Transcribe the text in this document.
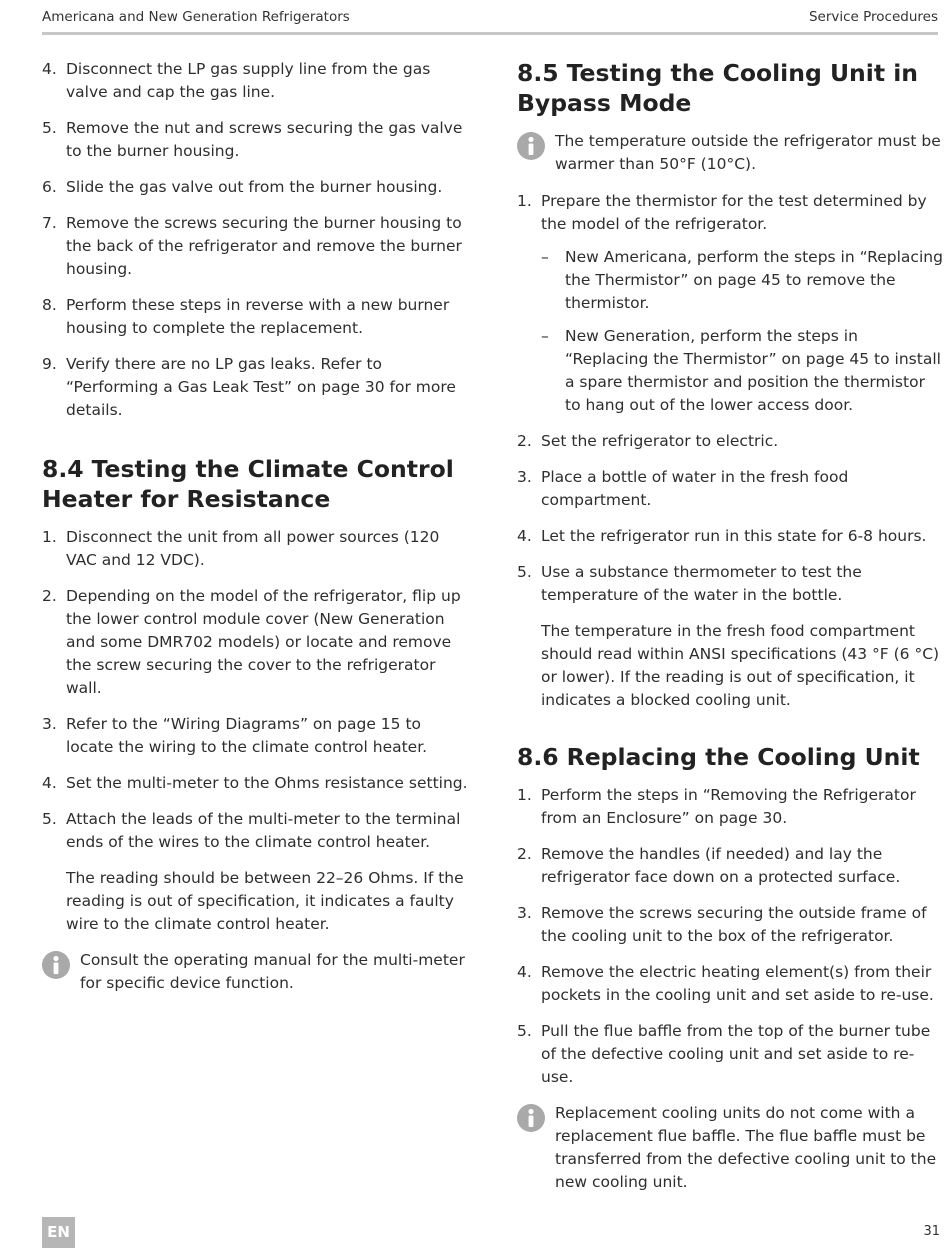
Americana and New Generation Refrigerators	Service Procedures
4. Disconnect the LP gas supply line from the gas valve and cap the gas line.
5. Remove the nut and screws securing the gas valve to the burner housing.
6. Slide the gas valve out from the burner housing.
7. Remove the screws securing the burner housing to the back of the refrigerator and remove the burner housing.
8. Perform these steps in reverse with a new burner housing to complete the replacement.
9. Verify there are no LP gas leaks. Refer to “Performing a Gas Leak Test” on page 30 for more details.
8.4 Testing the Climate Control Heater for Resistance
1. Disconnect the unit from all power sources (120 VAC and 12 VDC).
2. Depending on the model of the refrigerator, flip up the lower control module cover (New Generation and some DMR702 models) or locate and remove the screw securing the cover to the refrigerator wall.
3. Refer to the “Wiring Diagrams” on page 15 to locate the wiring to the climate control heater.
4. Set the multi-meter to the Ohms resistance setting.
5. Attach the leads of the multi-meter to the terminal ends of the wires to the climate control heater.

The reading should be between 22–26 Ohms. If the reading is out of specification, it indicates a faulty wire to the climate control heater.

Consult the operating manual for the multi-meter for specific device function.
8.5 Testing the Cooling Unit in Bypass Mode
The temperature outside the refrigerator must be warmer than 50°F (10°C).
1. Prepare the thermistor for the test determined by the model of the refrigerator.
– New Americana, perform the steps in “Replacing the Thermistor” on page 45 to remove the thermistor.
– New Generation, perform the steps in “Replacing the Thermistor” on page 45 to install a spare thermistor and position the thermistor to hang out of the lower access door.
2. Set the refrigerator to electric.
3. Place a bottle of water in the fresh food compartment.
4. Let the refrigerator run in this state for 6-8 hours.
5. Use a substance thermometer to test the temperature of the water in the bottle.

The temperature in the fresh food compartment should read within ANSI specifications (43 °F (6 °C) or lower). If the reading is out of specification, it indicates a blocked cooling unit.

8.6 Replacing the Cooling Unit
1. Perform the steps in “Removing the Refrigerator from an Enclosure” on page 30.
2. Remove the handles (if needed) and lay the refrigerator face down on a protected surface.
3. Remove the screws securing the outside frame of the cooling unit to the box of the refrigerator.
4. Remove the electric heating element(s) from their pockets in the cooling unit and set aside to re-use.
5. Pull the flue baffle from the top of the burner tube of the defective cooling unit and set aside to re-use.
Replacement cooling units do not come with a replacement flue baffle. The flue baffle must be transferred from the defective cooling unit to the new cooling unit.
EN	31
